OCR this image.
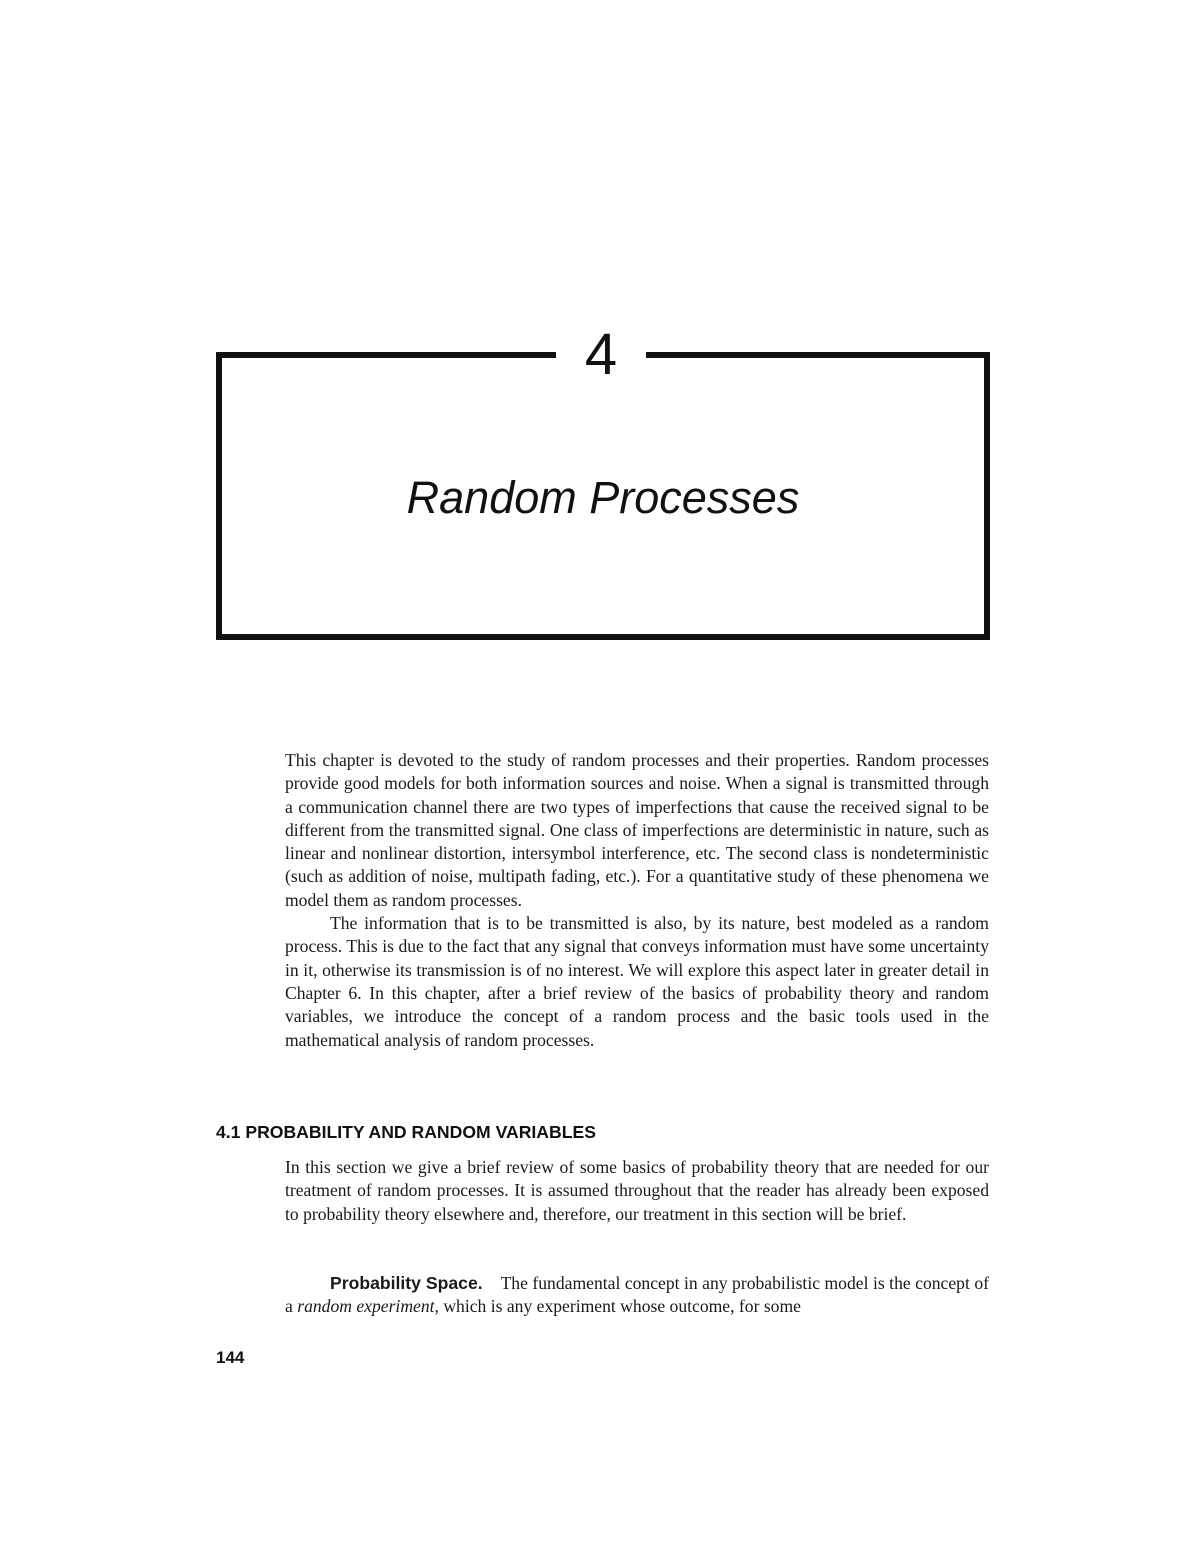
4
Random Processes

This chapter is devoted to the study of random processes and their properties. Random processes provide good models for both information sources and noise. When a signal is transmitted through a communication channel there are two types of imperfections that cause the received signal to be different from the transmitted signal. One class of imperfections are deterministic in nature, such as linear and nonlinear distortion, intersymbol interference, etc. The second class is nondeterministic (such as addition of noise, multipath fading, etc.). For a quantitative study of these phenomena we model them as random processes.

The information that is to be transmitted is also, by its nature, best modeled as a random process. This is due to the fact that any signal that conveys information must have some uncertainty in it, otherwise its transmission is of no interest. We will explore this aspect later in greater detail in Chapter 6. In this chapter, after a brief review of the basics of probability theory and random variables, we introduce the concept of a random process and the basic tools used in the mathematical analysis of random processes.

4.1 PROBABILITY AND RANDOM VARIABLES

In this section we give a brief review of some basics of probability theory that are needed for our treatment of random processes. It is assumed throughout that the reader has already been exposed to probability theory elsewhere and, therefore, our treatment in this section will be brief.

Probability Space. The fundamental concept in any probabilistic model is the concept of a random experiment, which is any experiment whose outcome, for some

144
